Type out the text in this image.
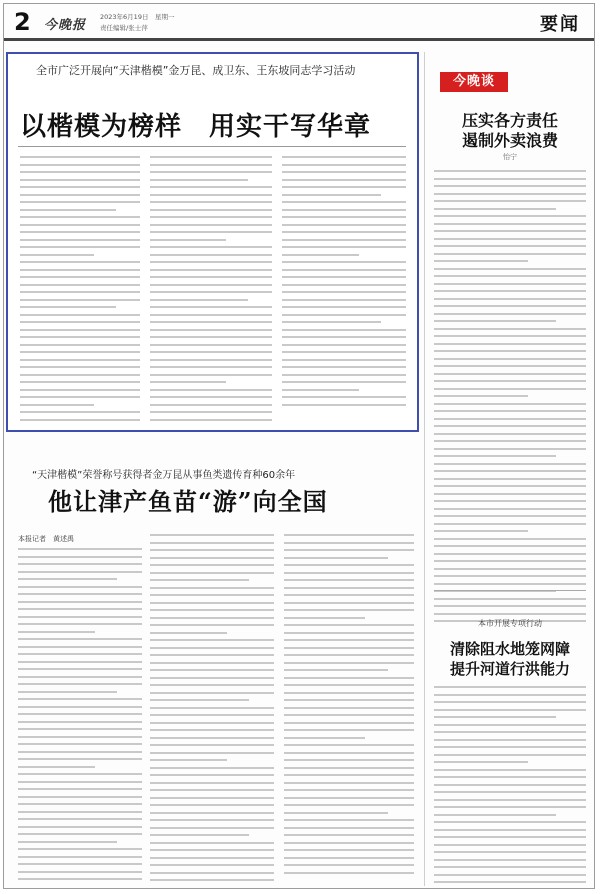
2 今晚报
2023年6月19日　星期一
责任编辑/张士萍	要闻
全市广泛开展向“天津楷模”金万昆、成卫东、王东坡同志学习活动
以楷模为榜样　用实干写华章
“天津楷模”荣誉称号获得者金万昆从事鱼类遗传育种60余年
他让津产鱼苗“游”向全国
本报记者　黄述禹
今晚谈
压实各方责任
遏制外卖浪费
怡宁
本市开展专项行动
清除阻水地笼网障
提升河道行洪能力
